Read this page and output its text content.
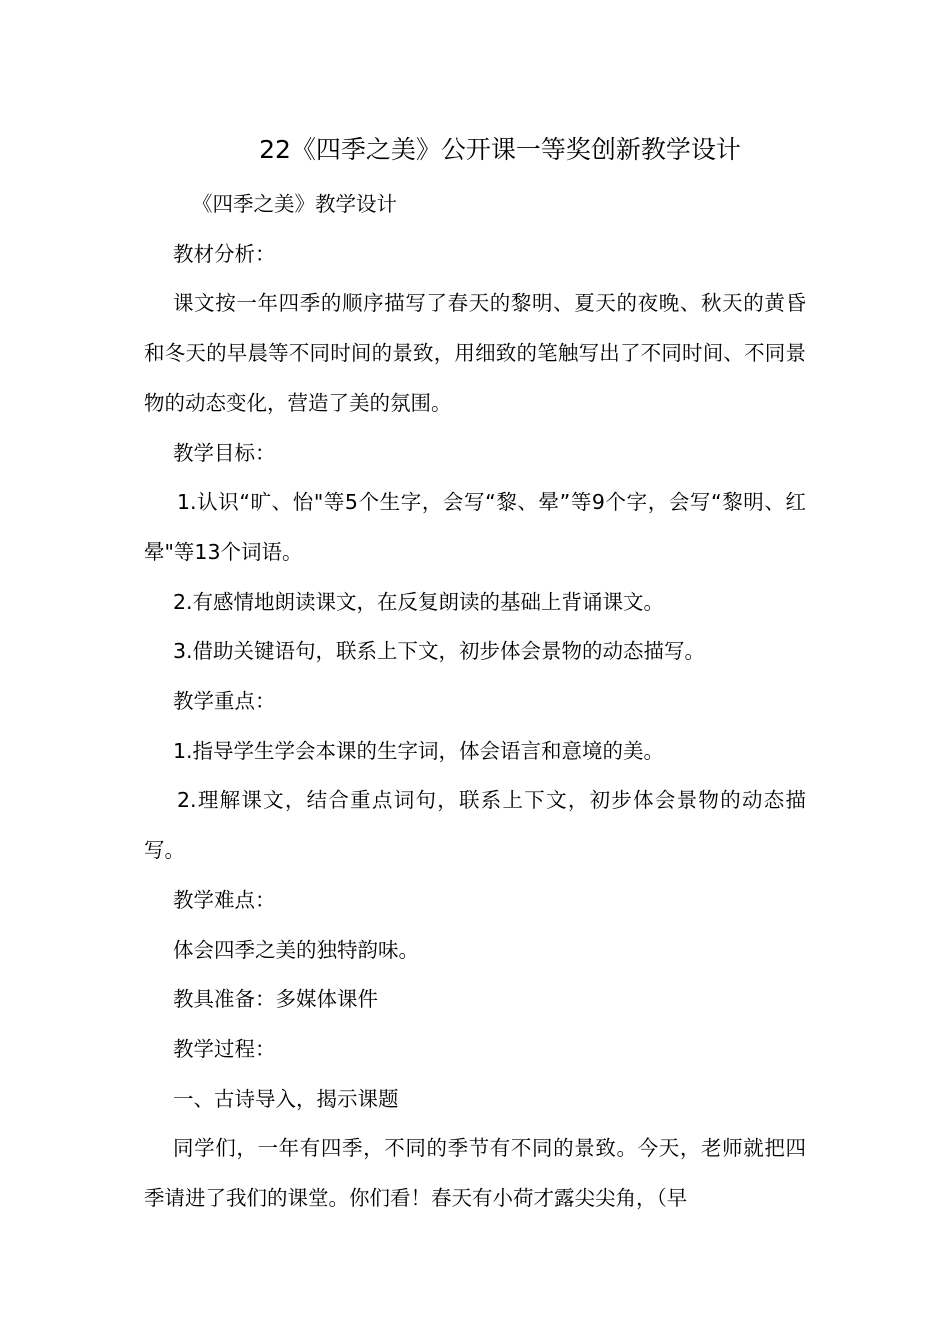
22《四季之美》公开课一等奖创新教学设计

《四季之美》教学设计

教材分析：

课文按一年四季的顺序描写了春天的黎明、夏天的夜晚、秋天的黄昏和冬天的早晨等不同时间的景致，用细致的笔触写出了不同时间、不同景物的动态变化，营造了美的氛围。

教学目标：

1.认识“旷、怡"等5个生字，会写“黎、晕”等9个字，会写“黎明、红晕"等13个词语。

2.有感情地朗读课文，在反复朗读的基础上背诵课文。

3.借助关键语句，联系上下文，初步体会景物的动态描写。

教学重点：

1.指导学生学会本课的生字词，体会语言和意境的美。

2.理解课文，结合重点词句，联系上下文，初步体会景物的动态描写。

教学难点：

体会四季之美的独特韵味。

教具准备：多媒体课件

教学过程：

一、古诗导入，揭示课题

同学们，一年有四季，不同的季节有不同的景致。今天，老师就把四季请进了我们的课堂。你们看！春天有小荷才露尖尖角，（早
